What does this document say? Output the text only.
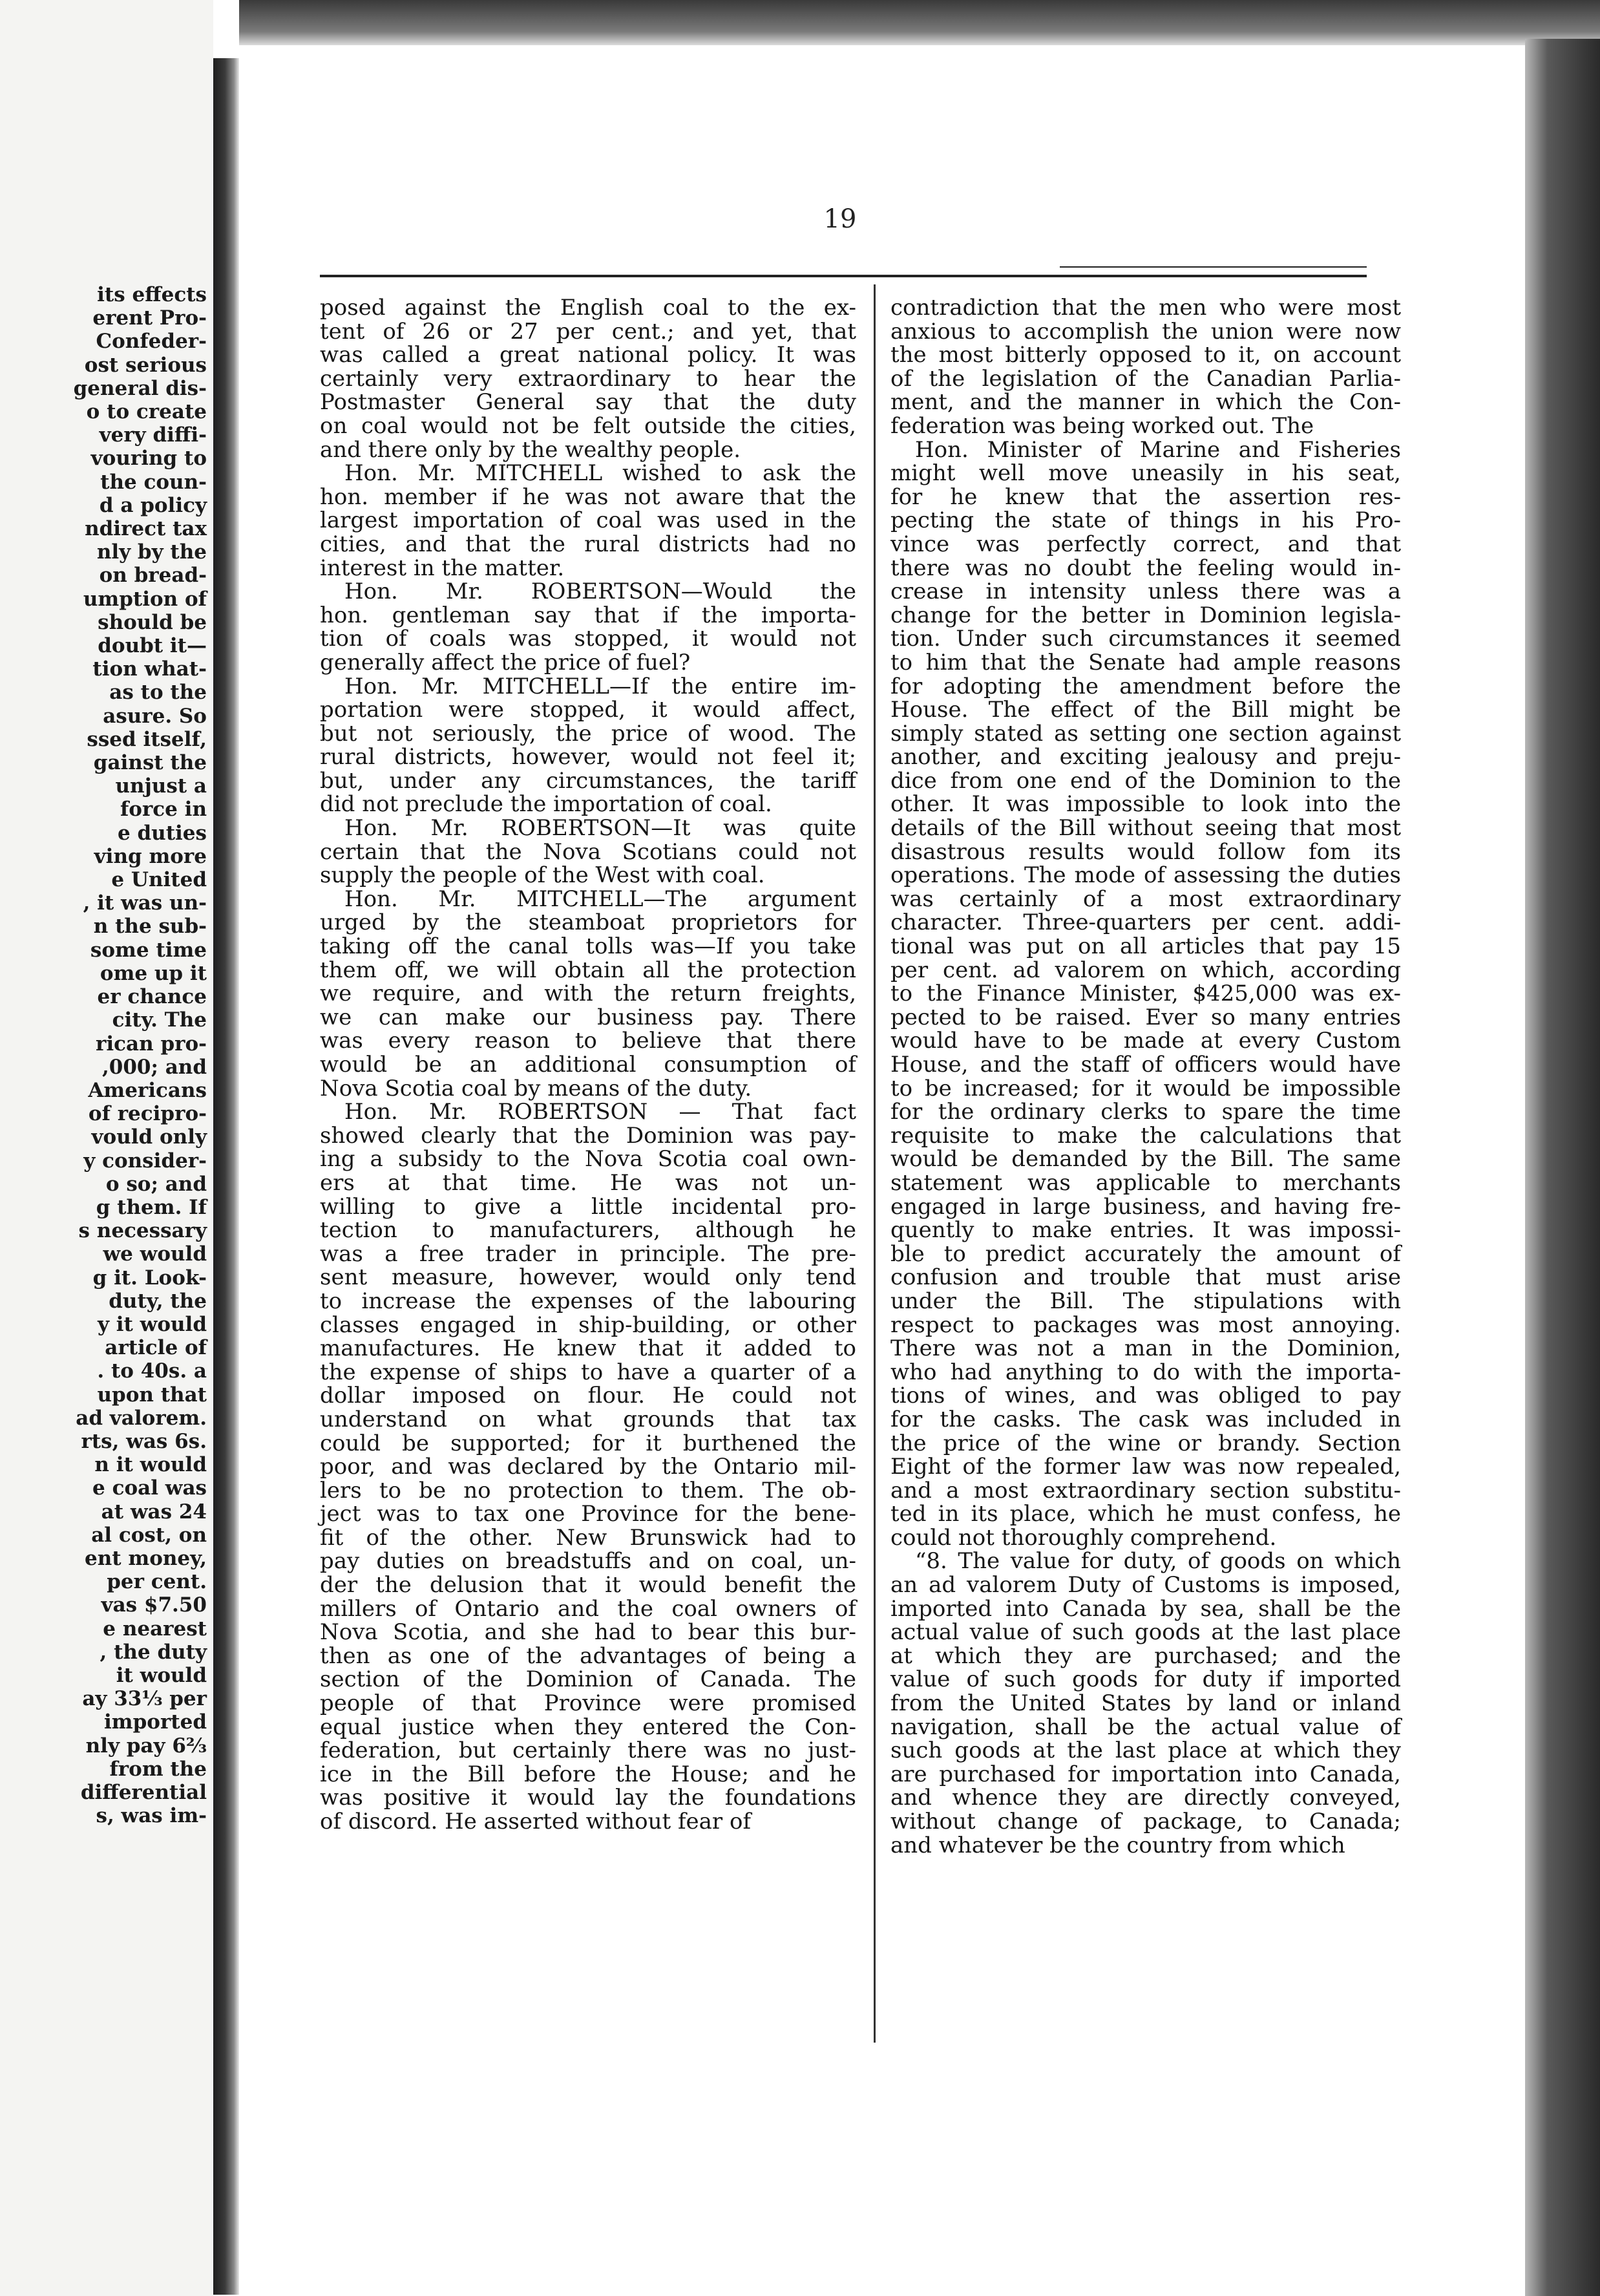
its effects
erent Pro-
Confeder-
ost serious
general dis-
o to create
very diffi-
vouring to
the coun-
d a policy
ndirect tax
nly by the
on bread-
umption of
should be
doubt it—
tion what-
as to the
asure. So
ssed itself,
gainst the
unjust a
force in
e duties
ving more
e United
, it was un-
n the sub-
some time
ome up it
er chance
city. The
rican pro-
,000; and
Americans
of recipro-
vould only
y consider-
o so; and
g them. If
s necessary
we would
g it. Look-
duty, the
y it would
article of
. to 40s. a
upon that
ad valorem.
rts, was 6s.
n it would
e coal was
at was 24
al cost, on
ent money,
per cent.
vas $7.50
e nearest
, the duty
it would
ay 33⅓ per
imported
nly pay 6⅔
from the
differential
s, was im-
19
posed against the English coal to the ex-
tent of 26 or 27 per cent.; and yet, that
was called a great national policy. It was
certainly very extraordinary to hear the
Postmaster General say that the duty
on coal would not be felt outside the cities,
and there only by the wealthy people.
Hon. Mr. MITCHELL wished to ask the
hon. member if he was not aware that the
largest importation of coal was used in the
cities, and that the rural districts had no
interest in the matter.
Hon. Mr. ROBERTSON—Would the
hon. gentleman say that if the importa-
tion of coals was stopped, it would not
generally affect the price of fuel?
Hon. Mr. MITCHELL—If the entire im-
portation were stopped, it would affect,
but not seriously, the price of wood. The
rural districts, however, would not feel it;
but, under any circumstances, the tariff
did not preclude the importation of coal.
Hon. Mr. ROBERTSON—It was quite
certain that the Nova Scotians could not
supply the people of the West with coal.
Hon. Mr. MITCHELL—The argument
urged by the steamboat proprietors for
taking off the canal tolls was—If you take
them off, we will obtain all the protection
we require, and with the return freights,
we can make our business pay. There
was every reason to believe that there
would be an additional consumption of
Nova Scotia coal by means of the duty.
Hon. Mr. ROBERTSON — That fact
showed clearly that the Dominion was pay-
ing a subsidy to the Nova Scotia coal own-
ers at that time. He was not un-
willing to give a little incidental pro-
tection to manufacturers, although he
was a free trader in principle. The pre-
sent measure, however, would only tend
to increase the expenses of the labouring
classes engaged in ship-building, or other
manufactures. He knew that it added to
the expense of ships to have a quarter of a
dollar imposed on flour. He could not
understand on what grounds that tax
could be supported; for it burthened the
poor, and was declared by the Ontario mil-
lers to be no protection to them. The ob-
ject was to tax one Province for the bene-
fit of the other. New Brunswick had to
pay duties on breadstuffs and on coal, un-
der the delusion that it would benefit the
millers of Ontario and the coal owners of
Nova Scotia, and she had to bear this bur-
then as one of the advantages of being a
section of the Dominion of Canada. The
people of that Province were promised
equal justice when they entered the Con-
federation, but certainly there was no just-
ice in the Bill before the House; and he
was positive it would lay the foundations
of discord. He asserted without fear of
contradiction that the men who were most
anxious to accomplish the union were now
the most bitterly opposed to it, on account
of the legislation of the Canadian Parlia-
ment, and the manner in which the Con-
federation was being worked out. The
Hon. Minister of Marine and Fisheries
might well move uneasily in his seat,
for he knew that the assertion res-
pecting the state of things in his Pro-
vince was perfectly correct, and that
there was no doubt the feeling would in-
crease in intensity unless there was a
change for the better in Dominion legisla-
tion. Under such circumstances it seemed
to him that the Senate had ample reasons
for adopting the amendment before the
House. The effect of the Bill might be
simply stated as setting one section against
another, and exciting jealousy and preju-
dice from one end of the Dominion to the
other. It was impossible to look into the
details of the Bill without seeing that most
disastrous results would follow fom its
operations. The mode of assessing the duties
was certainly of a most extraordinary
character. Three-quarters per cent. addi-
tional was put on all articles that pay 15
per cent. ad valorem on which, according
to the Finance Minister, $425,000 was ex-
pected to be raised. Ever so many entries
would have to be made at every Custom
House, and the staff of officers would have
to be increased; for it would be impossible
for the ordinary clerks to spare the time
requisite to make the calculations that
would be demanded by the Bill. The same
statement was applicable to merchants
engaged in large business, and having fre-
quently to make entries. It was impossi-
ble to predict accurately the amount of
confusion and trouble that must arise
under the Bill. The stipulations with
respect to packages was most annoying.
There was not a man in the Dominion,
who had anything to do with the importa-
tions of wines, and was obliged to pay
for the casks. The cask was included in
the price of the wine or brandy. Section
Eight of the former law was now repealed,
and a most extraordinary section substitu-
ted in its place, which he must confess, he
could not thoroughly comprehend.
“8. The value for duty, of goods on which
an ad valorem Duty of Customs is imposed,
imported into Canada by sea, shall be the
actual value of such goods at the last place
at which they are purchased; and the
value of such goods for duty if imported
from the United States by land or inland
navigation, shall be the actual value of
such goods at the last place at which they
are purchased for importation into Canada,
and whence they are directly conveyed,
without change of package, to Canada;
and whatever be the country from which
